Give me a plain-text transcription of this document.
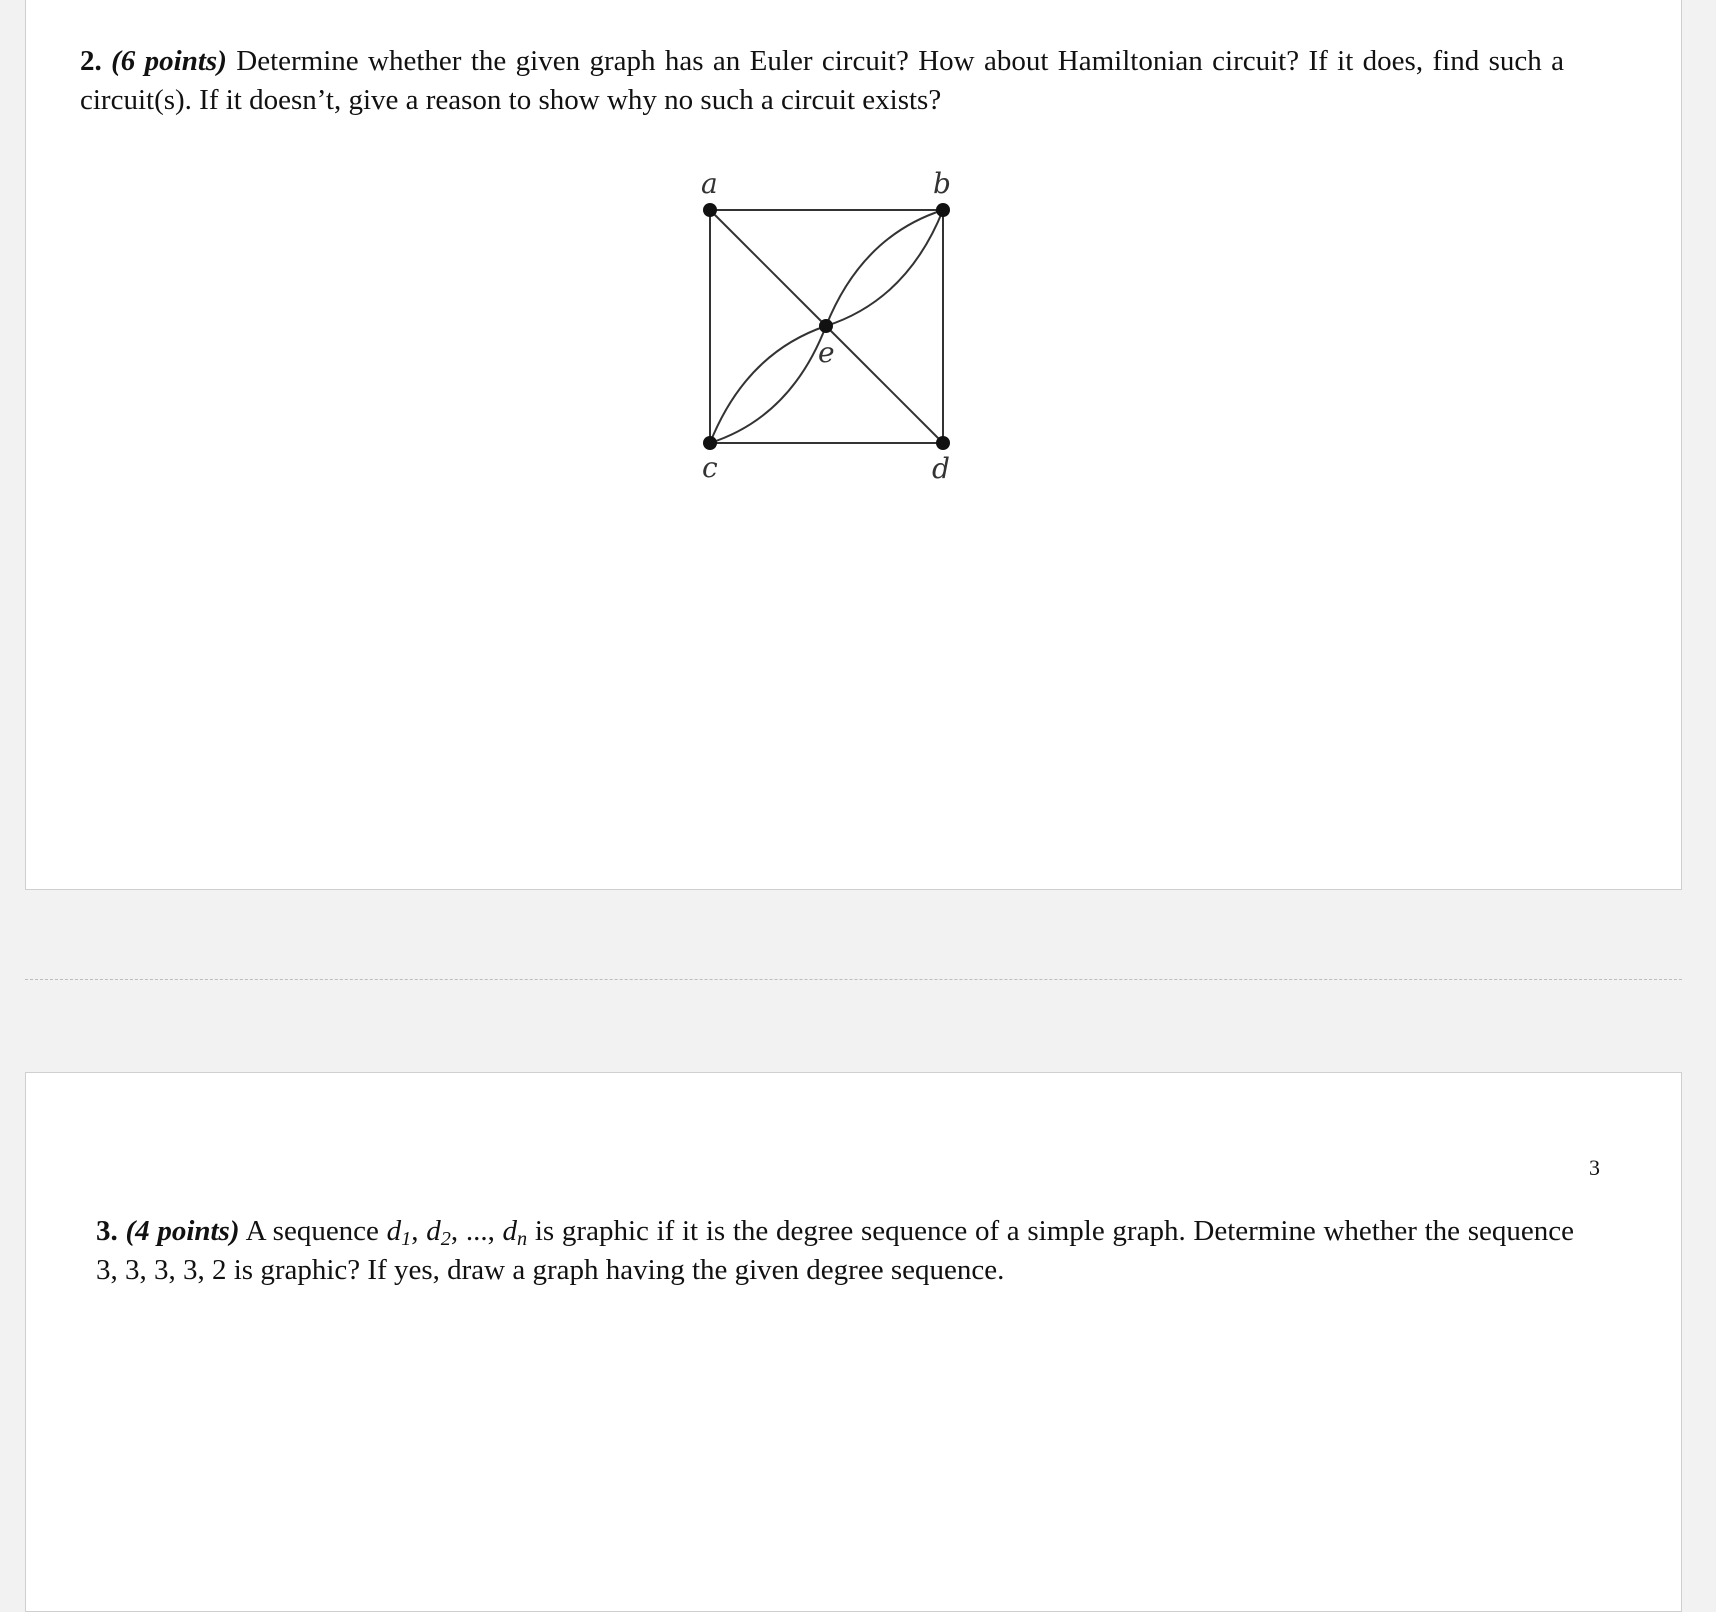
2. (6 points) Determine whether the given graph has an Euler circuit? How about Hamiltonian circuit? If it does, find such a circuit(s). If it doesn’t, give a reason to show why no such a circuit exists?
a	b
c	d
e
3
3. (4 points) A sequence $d_1$, $d_2$, ..., $d_n$ is graphic if it is the degree sequence of a simple graph. Determine whether the sequence 3, 3, 3, 3, 2 is graphic? If yes, draw a graph having the given degree sequence.
